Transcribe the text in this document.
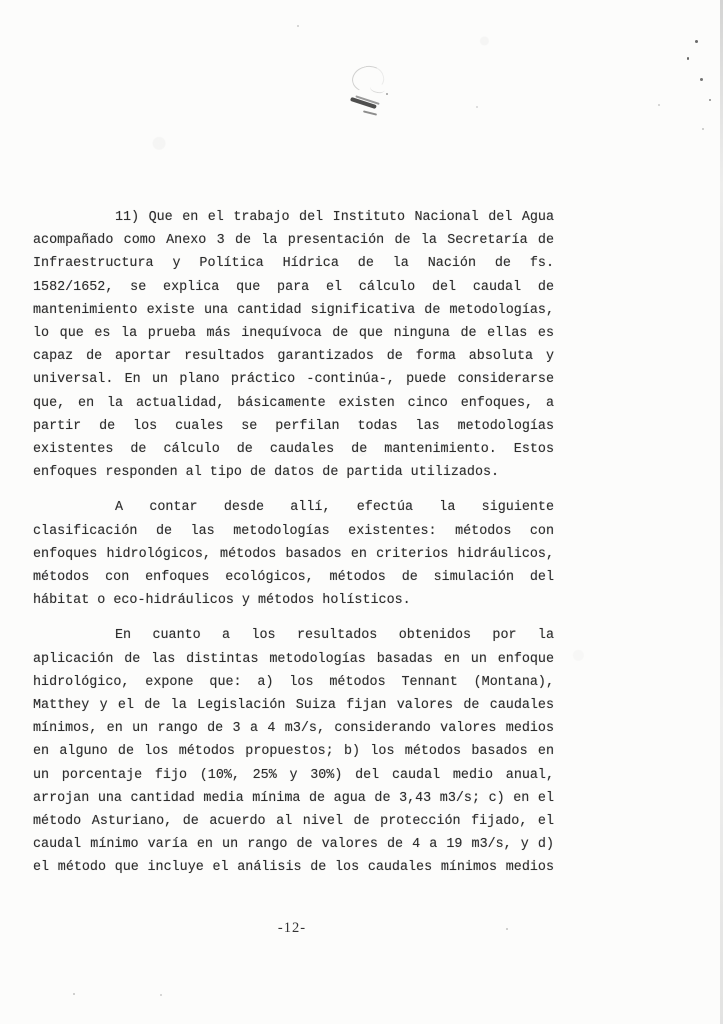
11) Que en el trabajo del Instituto Nacional del Agua
acompañado como Anexo 3 de la presentación de la Secretaría de
Infraestructura y Política Hídrica de la Nación de fs.
1582/1652, se explica que para el cálculo del caudal de
mantenimiento existe una cantidad significativa de metodologías,
lo que es la prueba más inequívoca de que ninguna de ellas es
capaz de aportar resultados garantizados de forma absoluta y
universal. En un plano práctico -continúa-, puede considerarse
que, en la actualidad, básicamente existen cinco enfoques, a
partir de los cuales se perfilan todas las metodologías
existentes de cálculo de caudales de mantenimiento. Estos
enfoques responden al tipo de datos de partida utilizados.
A contar desde allí, efectúa la siguiente
clasificación de las metodologías existentes: métodos con
enfoques hidrológicos, métodos basados en criterios hidráulicos,
métodos con enfoques ecológicos, métodos de simulación del
hábitat o eco-hidráulicos y métodos holísticos.
En cuanto a los resultados obtenidos por la
aplicación de las distintas metodologías basadas en un enfoque
hidrológico, expone que: a) los métodos Tennant (Montana),
Matthey y el de la Legislación Suiza fijan valores de caudales
mínimos, en un rango de 3 a 4 m3/s, considerando valores medios
en alguno de los métodos propuestos; b) los métodos basados en
un porcentaje fijo (10%, 25% y 30%) del caudal medio anual,
arrojan una cantidad media mínima de agua de 3,43 m3/s; c) en el
método Asturiano, de acuerdo al nivel de protección fijado, el
caudal mínimo varía en un rango de valores de 4 a 19 m3/s, y d)
el método que incluye el análisis de los caudales mínimos medios
-12-
